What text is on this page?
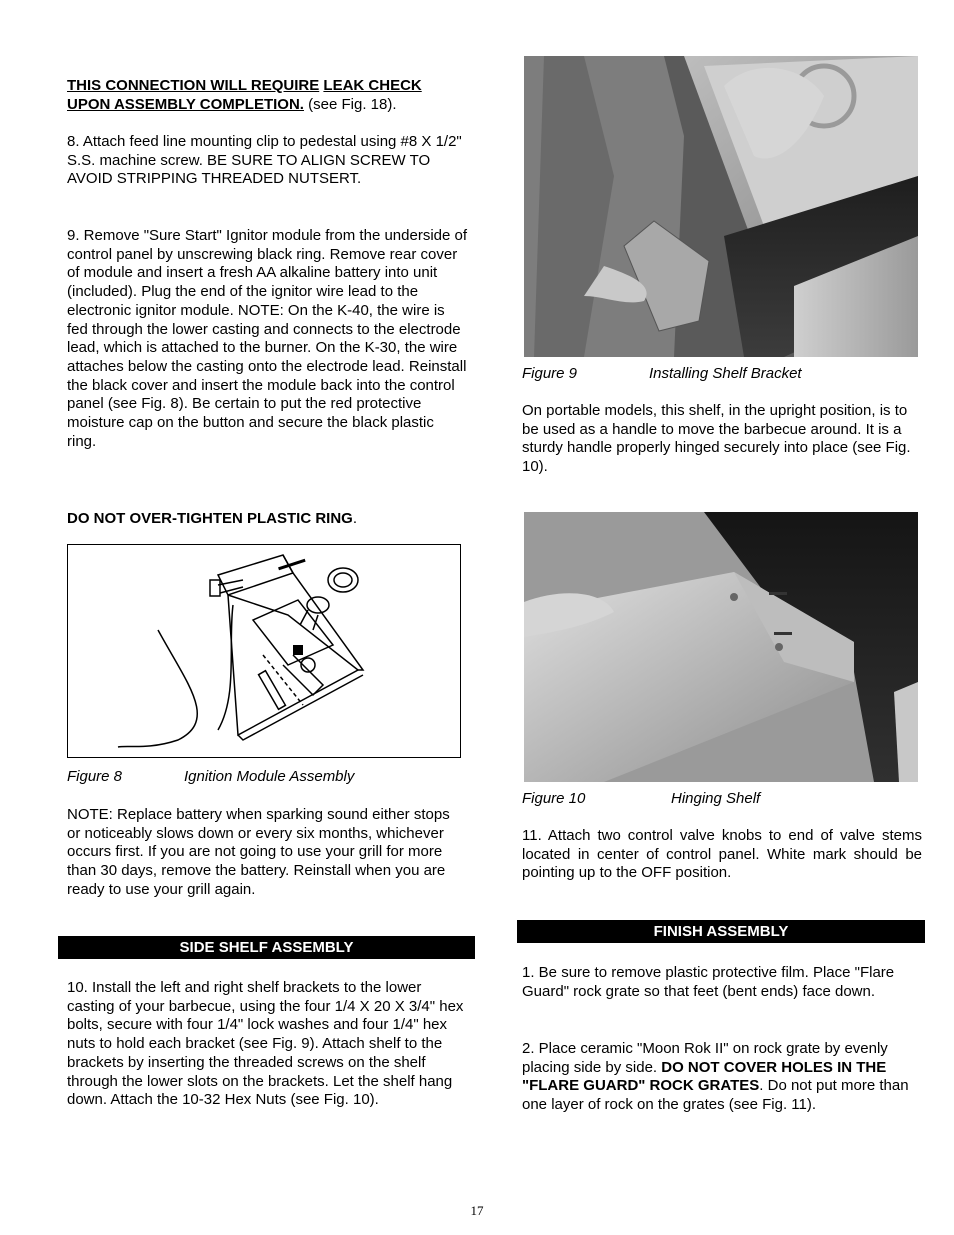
THIS CONNECTION WILL REQUIRE LEAK CHECK UPON ASSEMBLY COMPLETION. (see Fig. 18).
8. Attach feed line mounting clip to pedestal using #8 X 1/2" S.S. machine screw. BE SURE TO ALIGN SCREW TO AVOID STRIPPING THREADED NUTSERT.
9. Remove "Sure Start" Ignitor module from the underside of control panel by unscrewing black ring. Remove rear cover of module and insert a fresh AA alkaline battery into unit (included). Plug the end of the ignitor wire lead to the electronic ignitor module. NOTE: On the K-40, the wire is fed through the lower casting and connects to the electrode lead, which is attached to the burner. On the K-30, the wire attaches below the casting onto the electrode lead. Reinstall the black cover and insert the module back into the control panel (see Fig. 8). Be certain to put the red protective moisture cap on the button and secure the black plastic ring.
DO NOT OVER-TIGHTEN PLASTIC RING.
Figure 8	Ignition Module Assembly
NOTE: Replace battery when sparking sound either stops or noticeably slows down or every six months, whichever occurs first. If you are not going to use your grill for more than 30 days, remove the battery. Reinstall when you are ready to use your grill again.
SIDE SHELF ASSEMBLY
10. Install the left and right shelf brackets to the lower casting of your barbecue, using the four 1/4 X 20 X 3/4" hex bolts, secure with four 1/4" lock washes and four 1/4" hex nuts to hold each bracket (see Fig. 9). Attach shelf to the brackets by inserting the threaded screws on the shelf through the lower slots on the brackets. Let the shelf hang down. Attach the 10-32 Hex Nuts (see Fig. 10).
Figure 9	Installing Shelf Bracket
On portable models, this shelf, in the upright position, is to be used as a handle to move the barbecue around. It is a sturdy handle properly hinged securely into place (see Fig. 10).
Figure 10	Hinging Shelf
11. Attach two control valve knobs to end of valve stems located in center of control panel. White mark should be pointing up to the OFF position.
FINISH ASSEMBLY
1. Be sure to remove plastic protective film. Place "Flare Guard" rock grate so that feet (bent ends) face down.
2. Place ceramic "Moon Rok II" on rock grate by evenly placing side by side. DO NOT COVER HOLES IN THE "FLARE GUARD" ROCK GRATES. Do not put more than one layer of rock on the grates (see Fig. 11).
17
